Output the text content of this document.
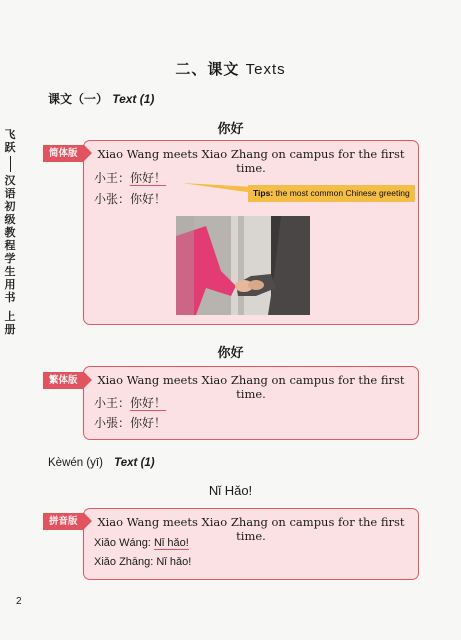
飞跃
汉语初级教程学生用书
上册
二、课文 Texts
课文（一） Text (1)
你好
Xiao Wang meets Xiao Zhang on campus for the first time.
小王：你好！
小张：你好！
简体版
Tips: the most common Chinese greeting
你好
Xiao Wang meets Xiao Zhang on campus for the first time.
小王：你好！
小張：你好！
繁体版
Kèwén (yī) Text (1)
Nǐ Hǎo!
Xiao Wang meets Xiao Zhang on campus for the first time.
Xiǎo Wáng: Nǐ hǎo!
Xiǎo Zhāng: Nǐ hǎo!
拼音版
2
